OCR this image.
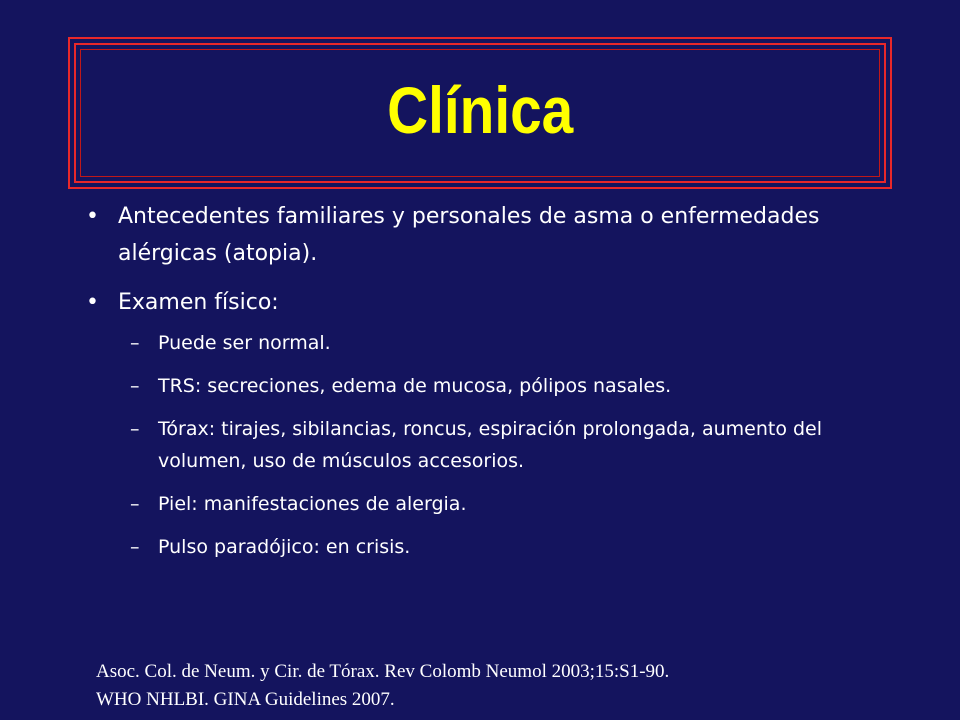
Clínica
• Antecedentes familiares y personales de asma o enfermedades alérgicas (atopia).
• Examen físico:
– Puede ser normal.
– TRS: secreciones, edema de mucosa, pólipos nasales.
– Tórax: tirajes, sibilancias, roncus, espiración prolongada, aumento del volumen, uso de músculos accesorios.
– Piel: manifestaciones de alergia.
– Pulso paradójico: en crisis.
Asoc. Col. de Neum. y Cir. de Tórax. Rev Colomb Neumol 2003;15:S1-90.
WHO NHLBI. GINA Guidelines 2007.
